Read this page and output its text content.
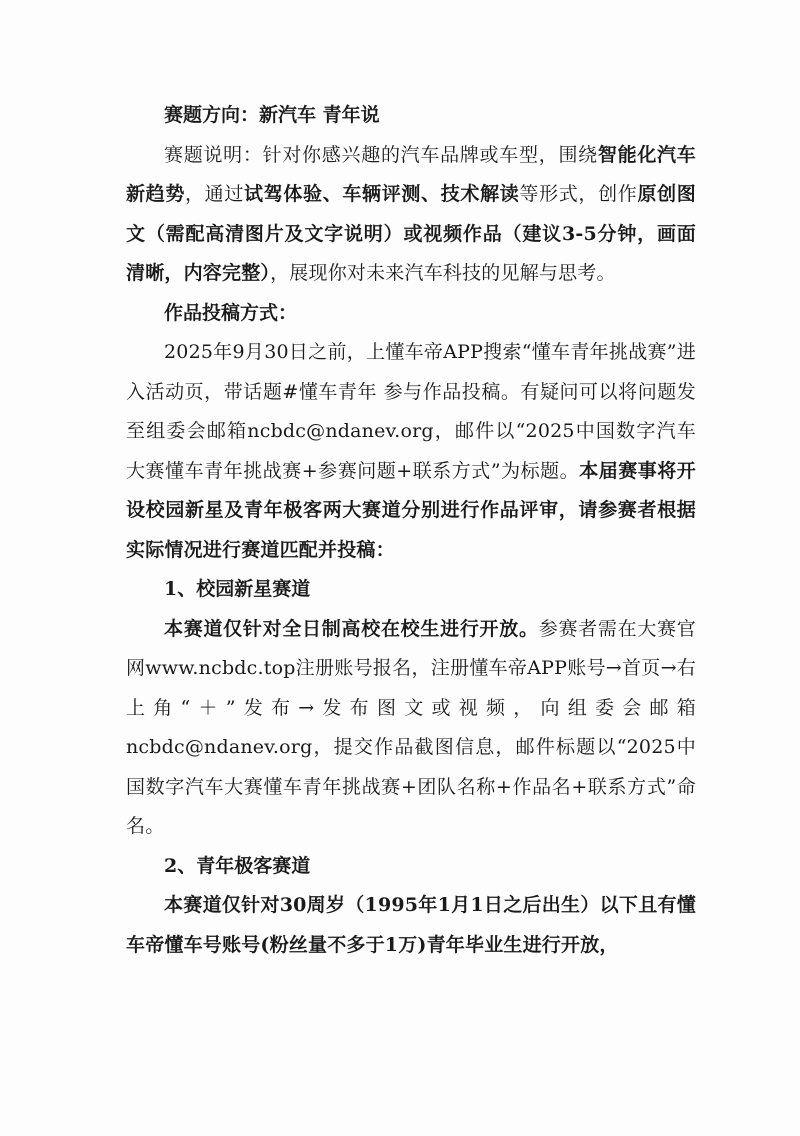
赛题方向：新汽车 青年说

赛题说明：针对你感兴趣的汽车品牌或车型，围绕智能化汽车新趋势，通过试驾体验、车辆评测、技术解读等形式，创作原创图文（需配高清图片及文字说明）或视频作品（建议3-5分钟，画面清晰，内容完整），展现你对未来汽车科技的见解与思考。

作品投稿方式：

2025年9月30日之前，上懂车帝APP搜索“懂车青年挑战赛”进入活动页，带话题#懂车青年 参与作品投稿。有疑问可以将问题发至组委会邮箱ncbdc@ndanev.org，邮件以“2025中国数字汽车大赛懂车青年挑战赛+参赛问题+联系方式”为标题。本届赛事将开设校园新星及青年极客两大赛道分别进行作品评审，请参赛者根据实际情况进行赛道匹配并投稿：

1、校园新星赛道

本赛道仅针对全日制高校在校生进行开放。参赛者需在大赛官网www.ncbdc.top注册账号报名，注册懂车帝APP账号→首页→右上角“＋”发布→发布图文或视频，向组委会邮箱ncbdc@ndanev.org，提交作品截图信息，邮件标题以“2025中国数字汽车大赛懂车青年挑战赛+团队名称+作品名+联系方式”命名。

2、青年极客赛道

本赛道仅针对30周岁（1995年1月1日之后出生）以下且有懂车帝懂车号账号(粉丝量不多于1万)青年毕业生进行开放，
